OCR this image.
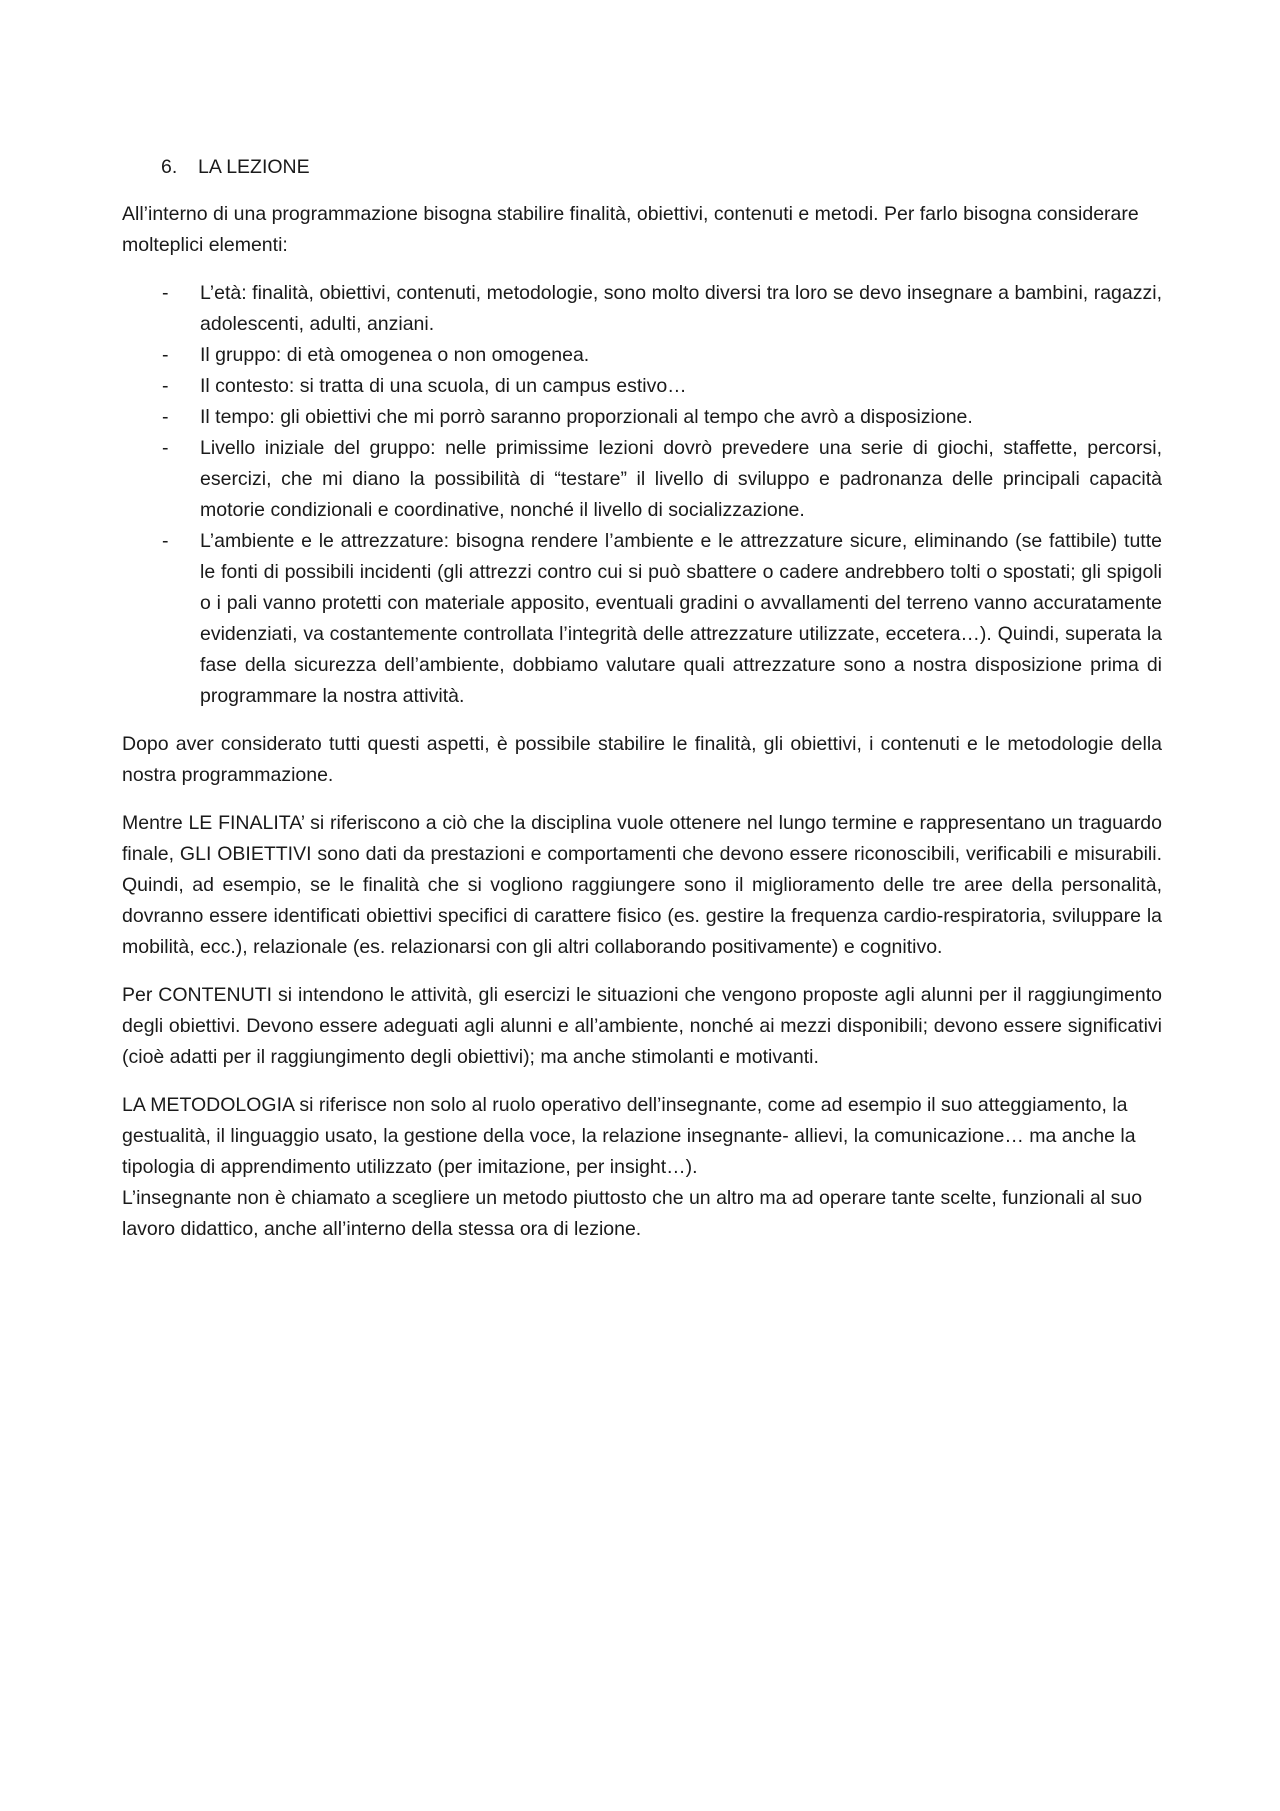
6.	LA LEZIONE

All’interno di una programmazione bisogna stabilire finalità, obiettivi, contenuti e metodi. Per farlo bisogna considerare molteplici elementi:

- L’età: finalità, obiettivi, contenuti, metodologie, sono molto diversi tra loro se devo insegnare a bambini, ragazzi, adolescenti, adulti, anziani.
- Il gruppo: di età omogenea o non omogenea.
- Il contesto: si tratta di una scuola, di un campus estivo…
- Il tempo: gli obiettivi che mi porrò saranno proporzionali al tempo che avrò a disposizione.
- Livello iniziale del gruppo: nelle primissime lezioni dovrò prevedere una serie di giochi, staffette, percorsi, esercizi, che mi diano la possibilità di “testare” il livello di sviluppo e padronanza delle principali capacità motorie condizionali e coordinative, nonché il livello di socializzazione.
- L’ambiente e le attrezzature: bisogna rendere l’ambiente e le attrezzature sicure, eliminando (se fattibile) tutte le fonti di possibili incidenti (gli attrezzi contro cui si può sbattere o cadere andrebbero tolti o spostati; gli spigoli o i pali vanno protetti con materiale apposito, eventuali gradini o avvallamenti del terreno vanno accuratamente evidenziati, va costantemente controllata l’integrità delle attrezzature utilizzate, eccetera…). Quindi, superata la fase della sicurezza dell’ambiente, dobbiamo valutare quali attrezzature sono a nostra disposizione prima di programmare la nostra attività.

Dopo aver considerato tutti questi aspetti, è possibile stabilire le finalità, gli obiettivi, i contenuti e le metodologie della nostra programmazione.

Mentre LE FINALITA’ si riferiscono a ciò che la disciplina vuole ottenere nel lungo termine e rappresentano un traguardo finale, GLI OBIETTIVI sono dati da prestazioni e comportamenti che devono essere riconoscibili, verificabili e misurabili. Quindi, ad esempio, se le finalità che si vogliono raggiungere sono il miglioramento delle tre aree della personalità, dovranno essere identificati obiettivi specifici di carattere fisico (es. gestire la frequenza cardio-respiratoria, sviluppare la mobilità, ecc.), relazionale (es. relazionarsi con gli altri collaborando positivamente) e cognitivo.

Per CONTENUTI si intendono le attività, gli esercizi le situazioni che vengono proposte agli alunni per il raggiungimento degli obiettivi. Devono essere adeguati agli alunni e all’ambiente, nonché ai mezzi disponibili; devono essere significativi (cioè adatti per il raggiungimento degli obiettivi); ma anche stimolanti e motivanti.

LA METODOLOGIA si riferisce non solo al ruolo operativo dell’insegnante, come ad esempio il suo atteggiamento, la gestualità, il linguaggio usato, la gestione della voce, la relazione insegnante- allievi, la comunicazione… ma anche la tipologia di apprendimento utilizzato (per imitazione, per insight…).

L’insegnante non è chiamato a scegliere un metodo piuttosto che un altro ma ad operare tante scelte, funzionali al suo lavoro didattico, anche all’interno della stessa ora di lezione.
